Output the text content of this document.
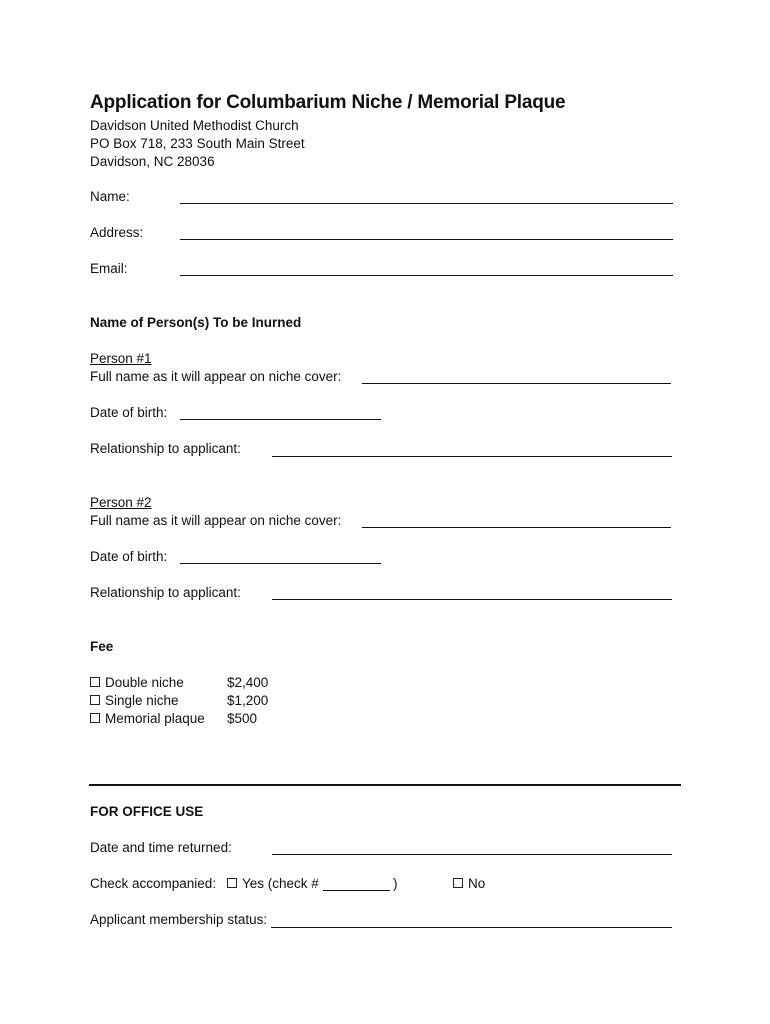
Application for Columbarium Niche / Memorial Plaque
Davidson United Methodist Church
PO Box 718, 233 South Main Street
Davidson, NC 28036
Name:
Address:
Email:
Name of Person(s) To be Inurned
Person #1
Full name as it will appear on niche cover:
Date of birth:
Relationship to applicant:
Person #2
Full name as it will appear on niche cover:
Date of birth:
Relationship to applicant:
Fee
Double niche	$2,400
Single niche	$1,200
Memorial plaque $500
FOR OFFICE USE
Date and time returned:
Check accompanied:	Yes (check #	)	No
Applicant membership status:
